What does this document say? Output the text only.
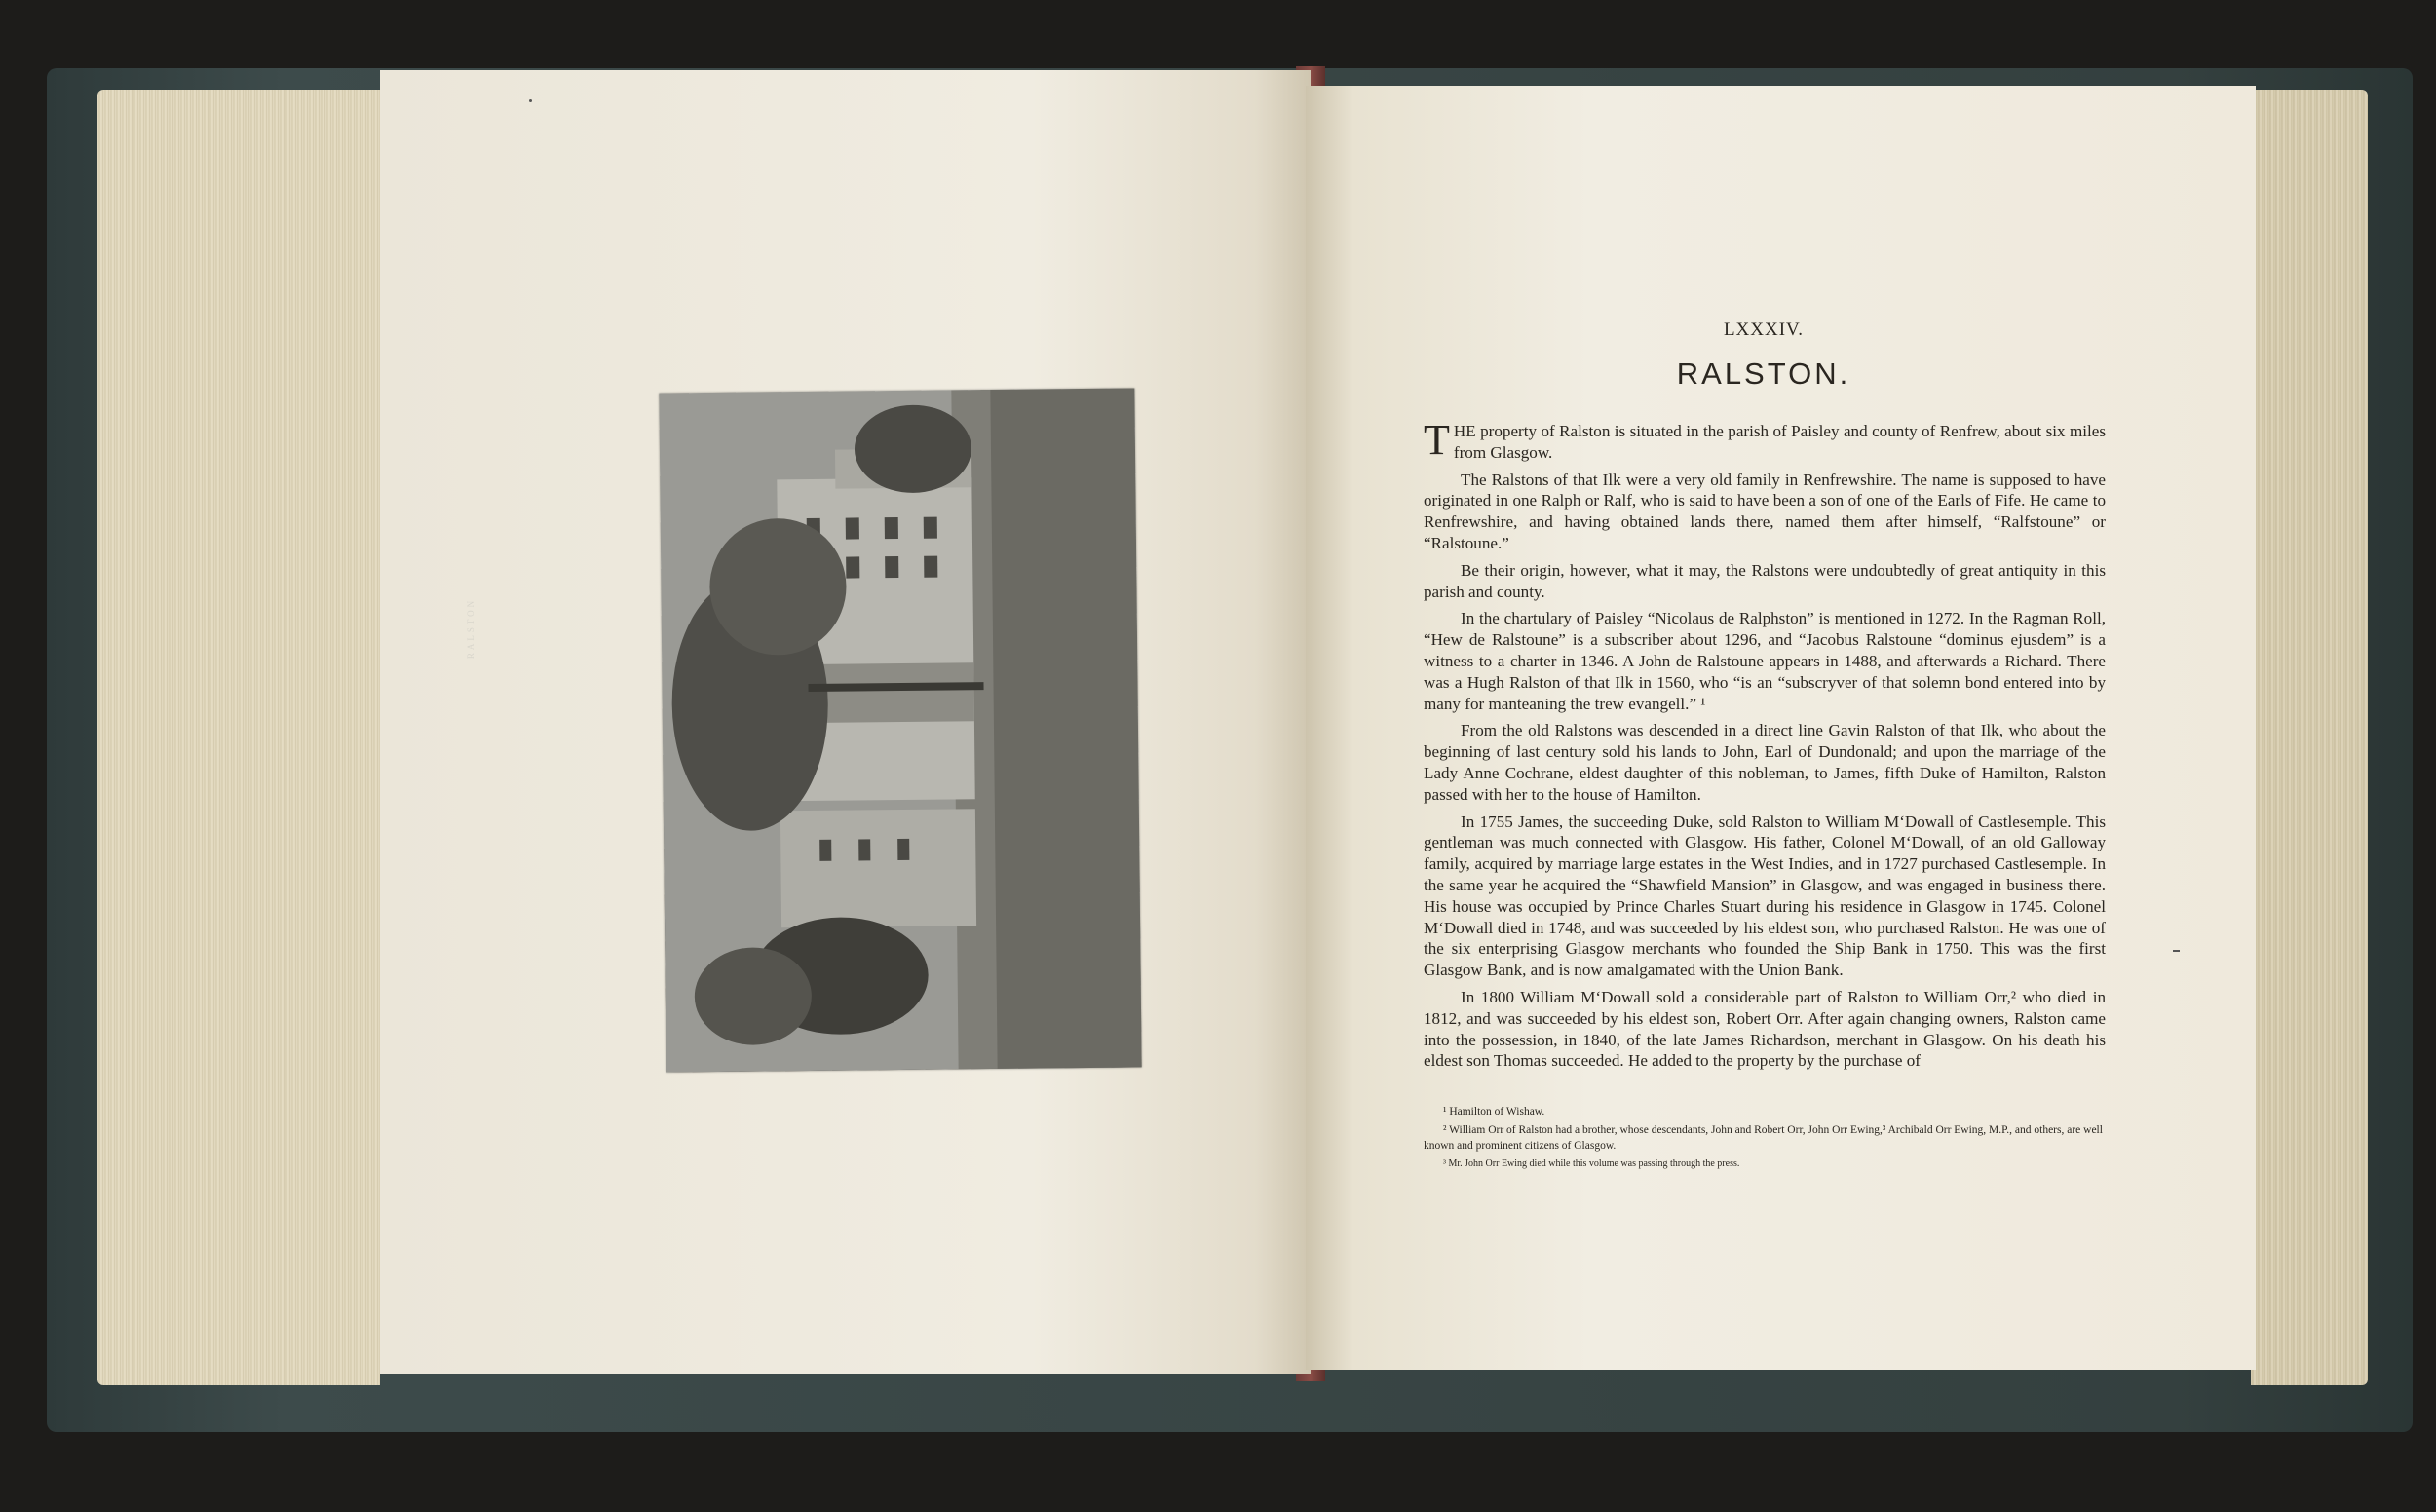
RALSTON
LXXXIV.
RALSTON.

THE property of Ralston is situated in the parish of Paisley and county of Renfrew, about six miles from Glasgow.

The Ralstons of that Ilk were a very old family in Renfrewshire. The name is supposed to have originated in one Ralph or Ralf, who is said to have been a son of one of the Earls of Fife. He came to Renfrewshire, and having obtained lands there, named them after himself, “Ralfstoune” or “Ralstoune.”

Be their origin, however, what it may, the Ralstons were undoubtedly of great antiquity in this parish and county.

In the chartulary of Paisley “Nicolaus de Ralphston” is mentioned in 1272. In the Ragman Roll, “Hew de Ralstoune” is a subscriber about 1296, and “Jacobus Ralstoune “dominus ejusdem” is a witness to a charter in 1346. A John de Ralstoune appears in 1488, and afterwards a Richard. There was a Hugh Ralston of that Ilk in 1560, who “is an “subscryver of that solemn bond entered into by many for manteaning the trew evangell.” ¹

From the old Ralstons was descended in a direct line Gavin Ralston of that Ilk, who about the beginning of last century sold his lands to John, Earl of Dundonald; and upon the marriage of the Lady Anne Cochrane, eldest daughter of this nobleman, to James, fifth Duke of Hamilton, Ralston passed with her to the house of Hamilton.

In 1755 James, the succeeding Duke, sold Ralston to William M‘Dowall of Castlesemple. This gentleman was much connected with Glasgow. His father, Colonel M‘Dowall, of an old Galloway family, acquired by marriage large estates in the West Indies, and in 1727 purchased Castlesemple. In the same year he acquired the “Shawfield Mansion” in Glasgow, and was engaged in business there. His house was occupied by Prince Charles Stuart during his residence in Glasgow in 1745. Colonel M‘Dowall died in 1748, and was succeeded by his eldest son, who purchased Ralston. He was one of the six enterprising Glasgow merchants who founded the Ship Bank in 1750. This was the first Glasgow Bank, and is now amalgamated with the Union Bank.

In 1800 William M‘Dowall sold a considerable part of Ralston to William Orr,² who died in 1812, and was succeeded by his eldest son, Robert Orr. After again changing owners, Ralston came into the possession, in 1840, of the late James Richardson, merchant in Glasgow. On his death his eldest son Thomas succeeded. He added to the property by the purchase of

¹ Hamilton of Wishaw.

² William Orr of Ralston had a brother, whose descendants, John and Robert Orr, John Orr Ewing,³ Archibald Orr Ewing, M.P., and others, are well known and prominent citizens of Glasgow.

³ Mr. John Orr Ewing died while this volume was passing through the press.
